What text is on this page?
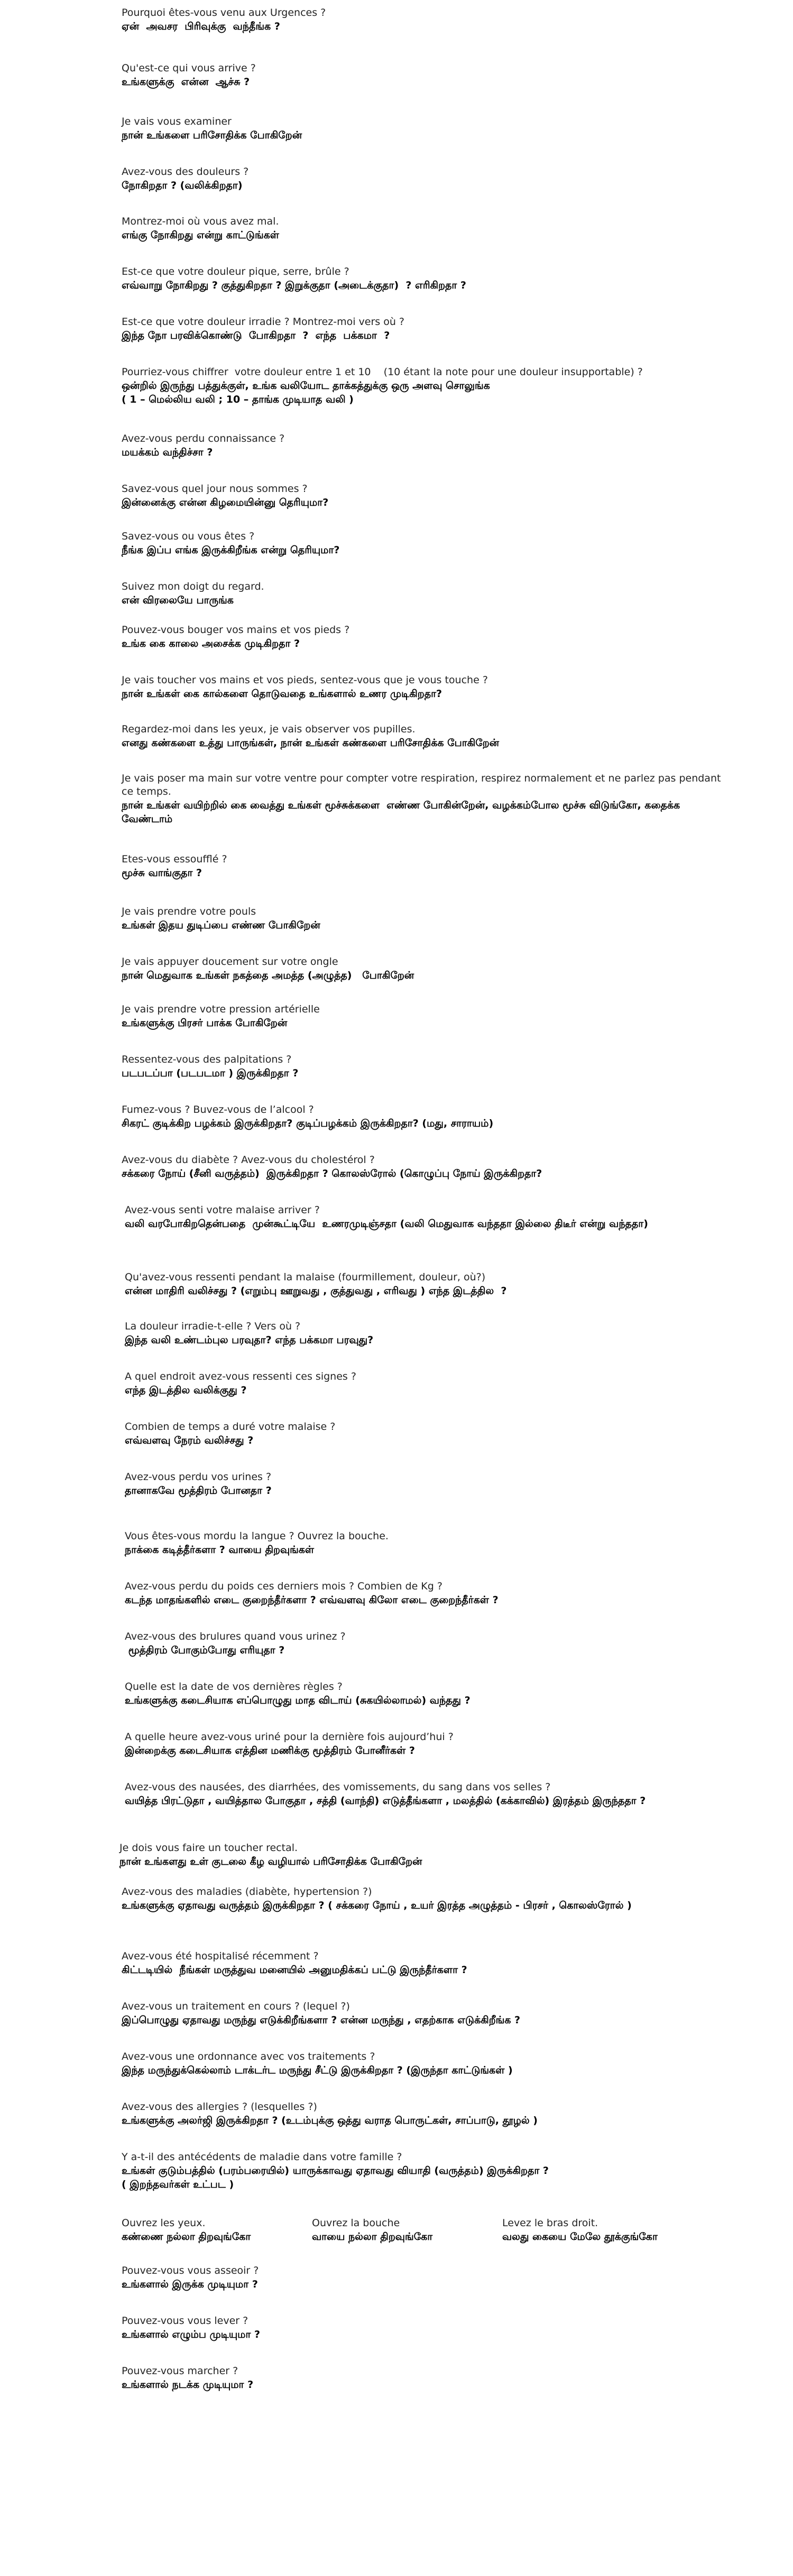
Pourquoi êtes-vous venu aux Urgences ?
ஏன்  அவசர  பிரிவுக்கு  வந்தீங்க ?
Qu'est-ce qui vous arrive ?
உங்களுக்கு  என்ன  ஆச்சு ?
Je vais vous examiner
நான் உங்களை பரிசோதிக்க போகிறேன்
Avez-vous des douleurs ?
நோகிறதா ? (வலிக்கிறதா)
Montrez-moi où vous avez mal.
எங்கு நோகிறது என்று காட்டுங்கள்
Est-ce que votre douleur pique, serre, brûle ?
எவ்வாறு நோகிறது ? குத்துகிறதா ? இறுக்குதா (அடைக்குதா)  ? எரிகிறதா ?
Est-ce que votre douleur irradie ? Montrez-moi vers où ?
இந்த நோ பரவிக்கொண்டு  போகிறதா  ?  எந்த  பக்கமா  ?
Pourriez-vous chiffrer  votre douleur entre 1 et 10    (10 étant la note pour une douleur insupportable) ?
ஒன்றில் இருந்து பத்துக்குள், உங்க வலியோட தாக்கத்துக்கு ஒரு அளவு சொலுங்க
( 1 – மெல்லிய வலி ; 10 – தாங்க முடியாத வலி )
Avez-vous perdu connaissance ?
மயக்கம் வந்திச்சா ?
Savez-vous quel jour nous sommes ?
இன்னைக்கு என்ன கிழமையின்னு தெரியுமா?
Savez-vous ou vous êtes ?
நீங்க இப்ப எங்க இருக்கிறீங்க என்று தெரியுமா?
Suivez mon doigt du regard.
என் விரலையே பாருங்க
Pouvez-vous bouger vos mains et vos pieds ?
உங்க கை காலை அசைக்க முடிகிறதா ?
Je vais toucher vos mains et vos pieds, sentez-vous que je vous touche ?
நான் உங்கள் கை கால்களை தொடுவதை உங்களால் உணர முடிகிறதா?
Regardez-moi dans les yeux, je vais observer vos pupilles.
எனது கண்களை உத்து பாருங்கள், நான் உங்கள் கண்களை பரிசோதிக்க போகிறேன்
Je vais poser ma main sur votre ventre pour compter votre respiration, respirez normalement et ne parlez pas pendant ce temps.
நான் உங்கள் வயிற்றில் கை வைத்து உங்கள் மூச்சுக்களை  எண்ண போகின்றேன், வழக்கம்போல மூச்சு விடுங்கோ, கதைக்க வேண்டாம்
Etes-vous essoufflé ?
மூச்சு வாங்குதா ?
Je vais prendre votre pouls
உங்கள் இதய துடிப்பை எண்ண போகிறேன்
Je vais appuyer doucement sur votre ongle
நான் மெதுவாக உங்கள் நகத்தை அமத்த (அழுத்த)   போகிறேன்
Je vais prendre votre pression artérielle
உங்களுக்கு பிரசர் பாக்க போகிறேன்
Ressentez-vous des palpitations ?
படபடப்பா (படபடமா ) இருக்கிறதா ?
Fumez-vous ? Buvez-vous de l’alcool ?
சிகரட் குடிக்கிற பழக்கம் இருக்கிறதா? குடிப்பழக்கம் இருக்கிறதா? (மது, சாராயம்)
Avez-vous du diabète ? Avez-vous du cholestérol ?
சக்கரை நோய் (சீனி வருத்தம்)  இருக்கிறதா ? கொலஸ்ரோல் (கொழுப்பு நோய் இருக்கிறதா?
Avez-vous senti votre malaise arriver ?
வலி வரபோகிறதென்பதை  முன்கூட்டியே  உணரமுடிஞ்சதா (வலி மெதுவாக வந்ததா இல்லை திடீர் என்று வந்ததா)
Qu'avez-vous ressenti pendant la malaise (fourmillement, douleur, où?)
என்ன மாதிரி வலிச்சது ? (எறும்பு ஊறுவது , குத்துவது , எரிவது ) எந்த இடத்தில  ?
La douleur irradie-t-elle ? Vers où ?
இந்த வலி உண்டம்புல பரவுதா? எந்த பக்கமா பரவுது?
A quel endroit avez-vous ressenti ces signes ?
எந்த இடத்தில வலிக்குது ?
Combien de temps a duré votre malaise ?
எவ்வளவு நேரம் வலிச்சது ?
Avez-vous perdu vos urines ?
தானாகவே மூத்திரம் போனதா ?
Vous êtes-vous mordu la langue ? Ouvrez la bouche.
நாக்கை கடித்தீர்களா ? வாயை திறவுங்கள்
Avez-vous perdu du poids ces derniers mois ? Combien de Kg ?
கடந்த மாதங்களில் எடை குறைந்தீர்களா ? எவ்வளவு கிலோ எடை குறைந்தீர்கள் ?
Avez-vous des brulures quand vous urinez ?
மூத்திரம் போகும்போது எரியுதா ?
Quelle est la date de vos dernières règles ?
உங்களுக்கு கடைசியாக எப்பொழுது மாத விடாய் (சுகயில்லாமல்) வந்தது ?
A quelle heure avez-vous uriné pour la dernière fois aujourd’hui ?
இன்றைக்கு கடைசியாக எத்தின மணிக்கு மூத்திரம் போனீர்கள் ?
Avez-vous des nausées, des diarrhées, des vomissements, du sang dans vos selles ?
வயித்த பிரட்டுதா , வயித்தால போகுதா , சத்தி (வாந்தி) எடுத்தீங்களா , மலத்தில் (கக்காவில்) இரத்தம் இருந்ததா ?
Je dois vous faire un toucher rectal.
நான் உங்களது உள் குடலை கீழ வழியால் பரிசோதிக்க போகிறேன்
Avez-vous des maladies (diabète, hypertension ?)
உங்களுக்கு ஏதாவது வருத்தம் இருக்கிறதா ? ( சக்கரை நோய் , உயர் இரத்த அழுத்தம் - பிரசர் , கொலஸ்ரோல் )
Avez-vous été hospitalisé récemment ?
கிட்டடியில்  நீங்கள் மருத்துவ மனையில் அனுமதிக்கப் பட்டு இருந்தீர்களா ?
Avez-vous un traitement en cours ? (lequel ?)
இப்பொழுது ஏதாவது மருந்து எடுக்கிறீங்களா ? என்ன மருந்து , எதற்காக எடுக்கிறீங்க ?
Avez-vous une ordonnance avec vos traitements ?
இந்த மருந்துக்கெல்லாம் டாக்டர்ட மருந்து சீட்டு இருக்கிறதா ? (இருந்தா காட்டுங்கள் )
Avez-vous des allergies ? (lesquelles ?)
உங்களுக்கு அலர்ஜி இருக்கிறதா ? (உடம்புக்கு ஒத்து வராத பொருட்கள், சாப்பாடு, தூழல் )
Y a-t-il des antécédents de maladie dans votre famille ?
உங்கள் குடும்பத்தில் (பரம்பரையில்) யாருக்காவது ஏதாவது வியாதி (வருத்தம்) இருக்கிறதா ?
( இறந்தவர்கள் உட்பட )
Ouvrez les yeux.
கண்ணை நல்லா திறவுங்கோ
Ouvrez la bouche
வாயை நல்லா திறவுங்கோ
Levez le bras droit.
வலது கையை மேலே தூக்குங்கோ
Pouvez-vous vous asseoir ?
உங்களால் இருக்க முடியுமா ?
Pouvez-vous vous lever ?
உங்களால் எழும்ப முடியுமா ?
Pouvez-vous marcher ?
உங்களால் நடக்க முடியுமா ?
